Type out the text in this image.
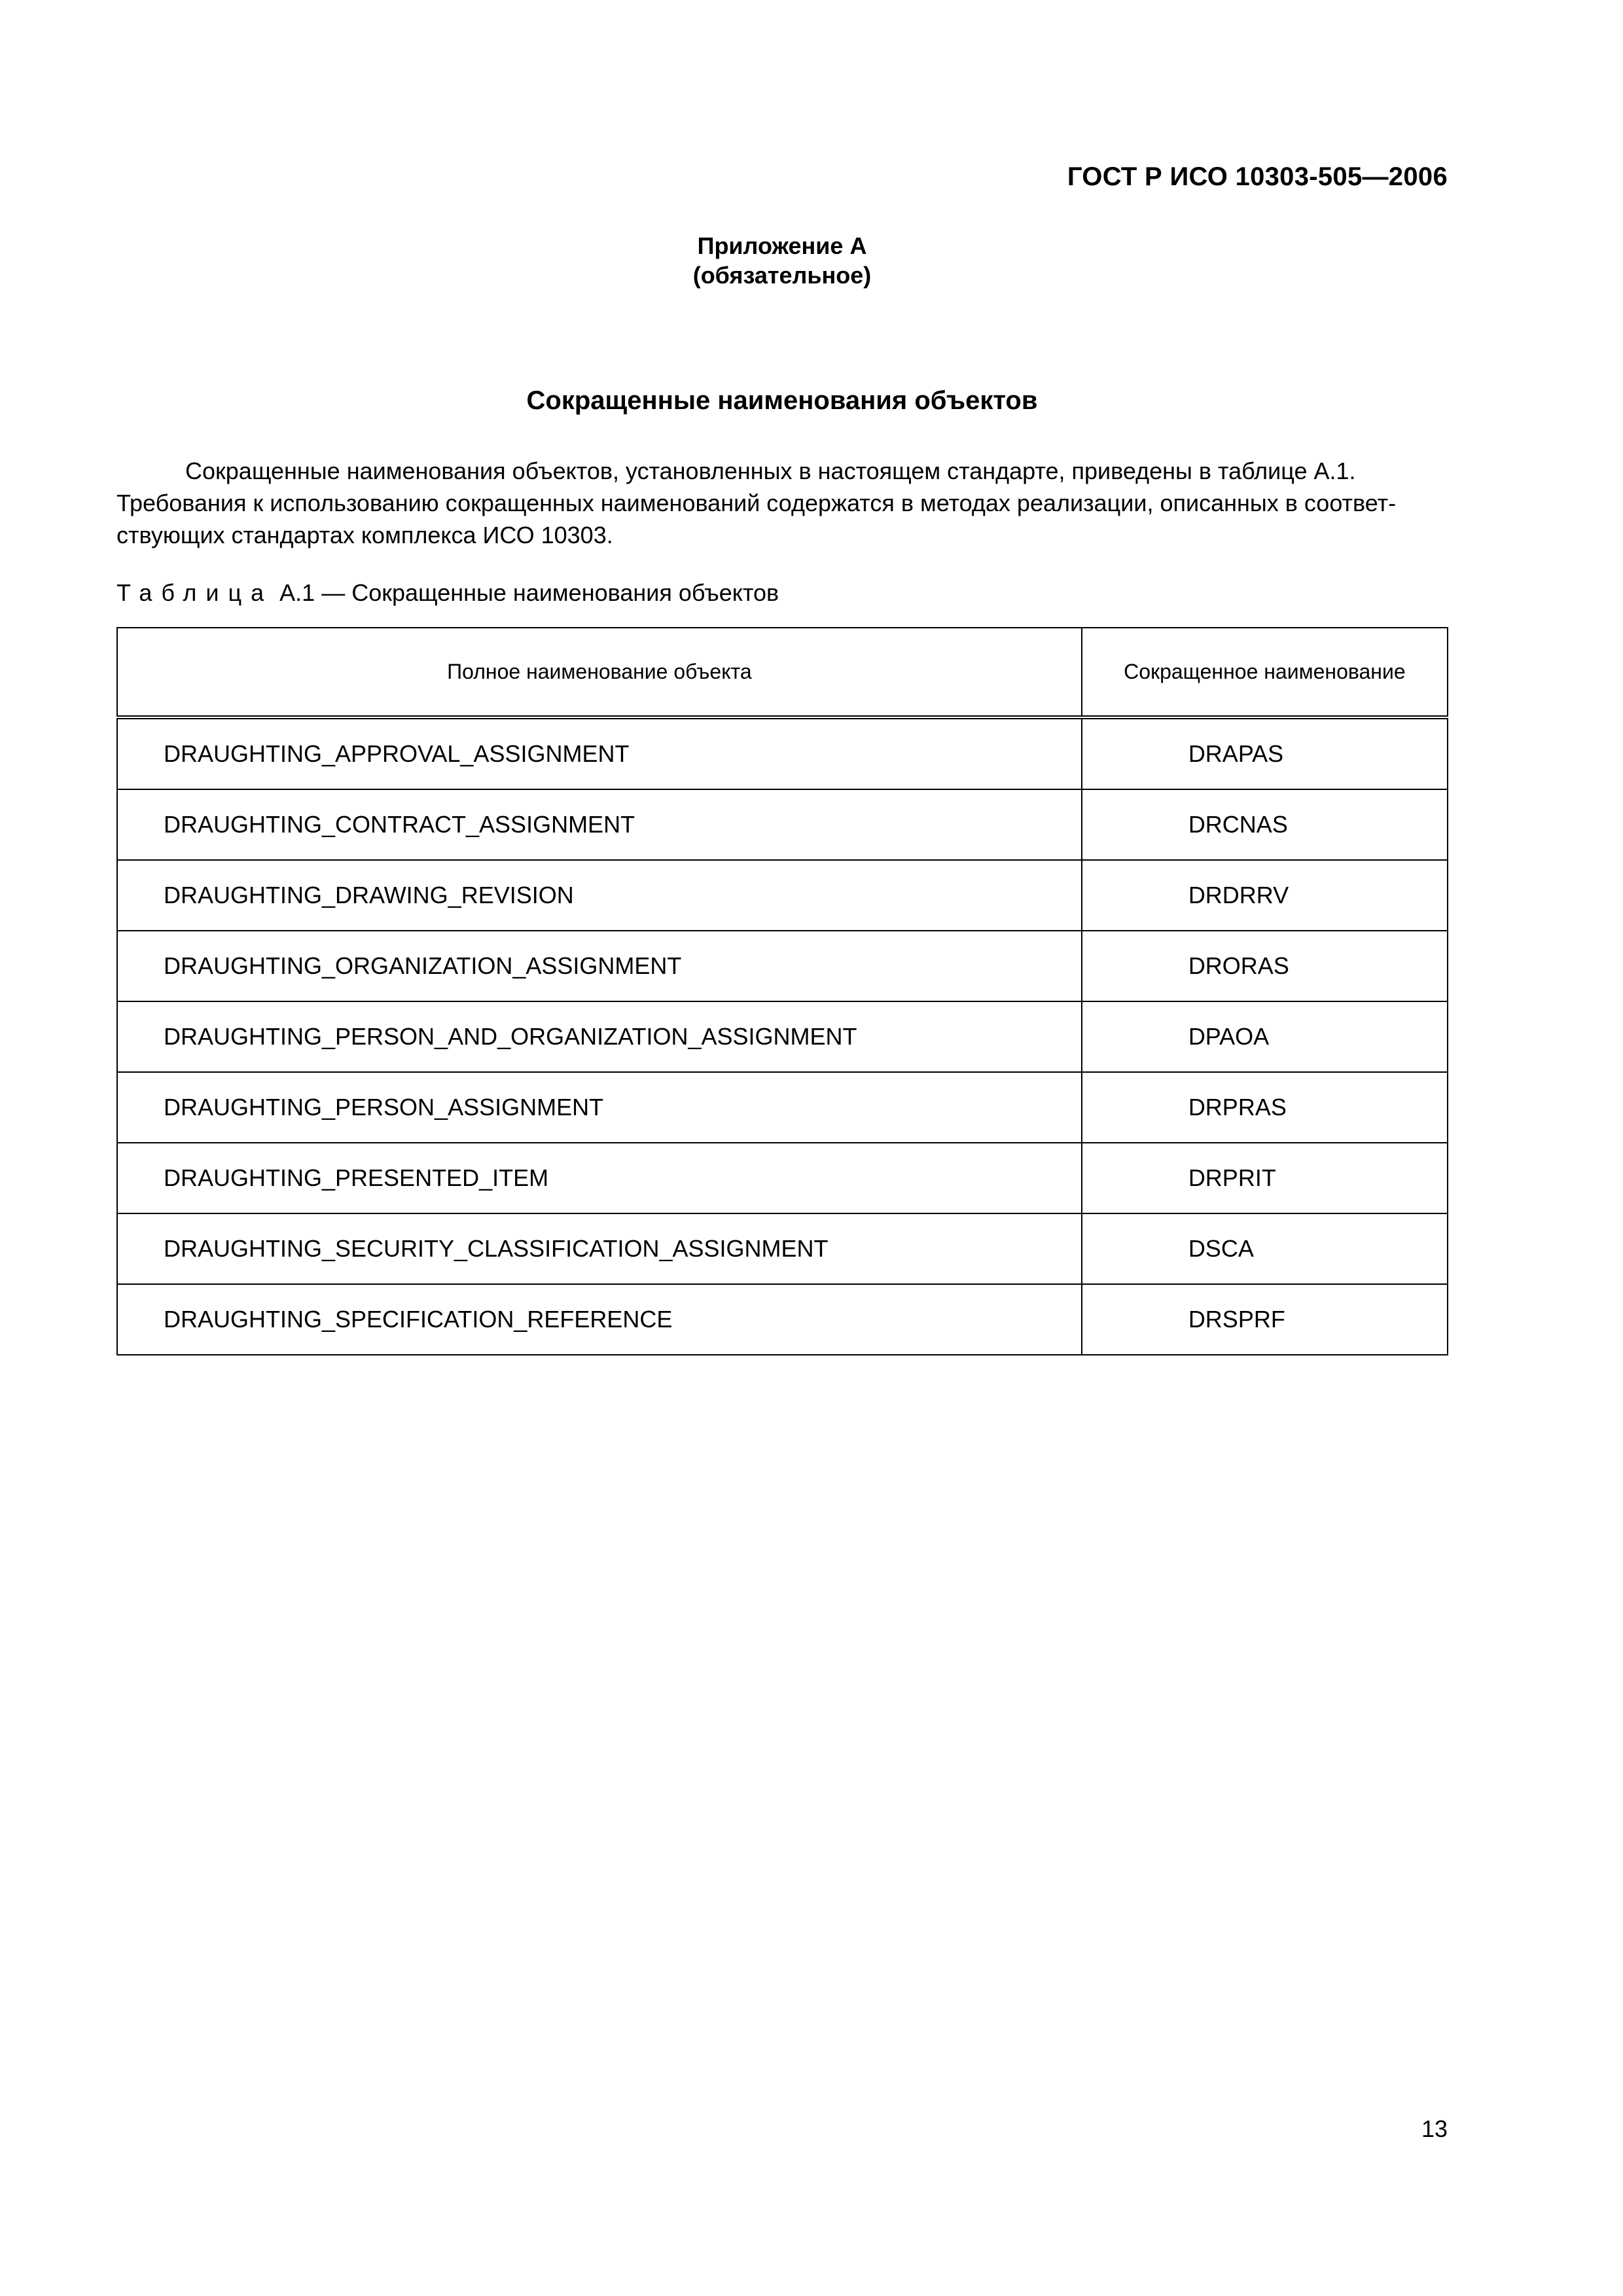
ГОСТ Р ИСО 10303-505—2006
Приложение А
(обязательное)
Сокращенные наименования объектов
Сокращенные наименования объектов, установленных в настоящем стандарте, приведены в таблице А.1.
Требования к использованию сокращенных наименований содержатся в методах реализации, описанных в соответ-
ствующих стандартах комплекса ИСО 10303.
Таблица А.1 — Сокращенные наименования объектов
Полное наименование объекта	Сокращенное наименование
DRAUGHTING_APPROVAL_ASSIGNMENT	DRAPAS
DRAUGHTING_CONTRACT_ASSIGNMENT	DRCNAS
DRAUGHTING_DRAWING_REVISION	DRDRRV
DRAUGHTING_ORGANIZATION_ASSIGNMENT	DRORAS
DRAUGHTING_PERSON_AND_ORGANIZATION_ASSIGNMENT	DPAOA
DRAUGHTING_PERSON_ASSIGNMENT	DRPRAS
DRAUGHTING_PRESENTED_ITEM	DRPRIT
DRAUGHTING_SECURITY_CLASSIFICATION_ASSIGNMENT	DSCA
DRAUGHTING_SPECIFICATION_REFERENCE	DRSPRF
13
